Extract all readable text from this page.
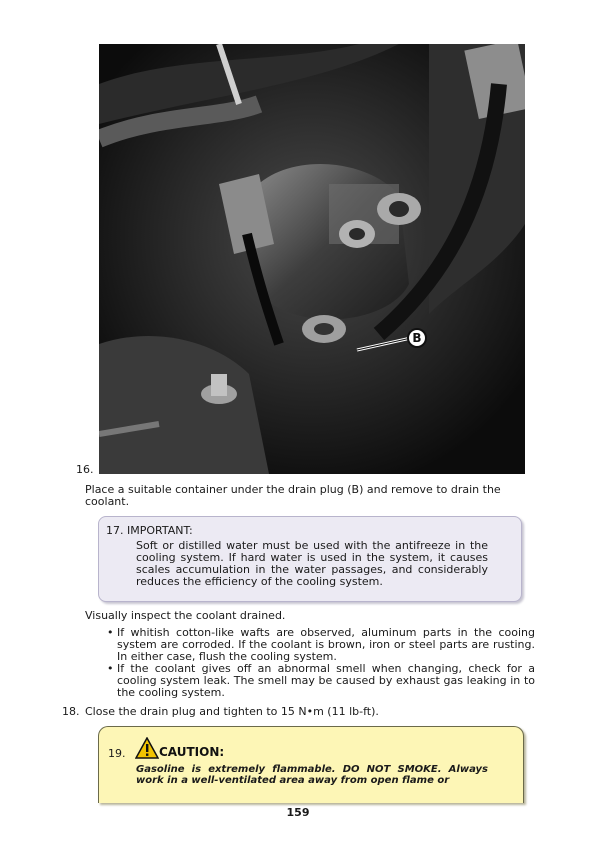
B
16.
Place a suitable container under the drain plug (B) and remove to drain the coolant.
17. IMPORTANT:
Soft or distilled water must be used with the antifreeze in the cooling system. If hard water is used in the system, it causes scales accumulation in the water passages, and considerably reduces the efficiency of the cooling system.
Visually inspect the coolant drained.
• If whitish cotton-like wafts are observed, aluminum parts in the cooing system are corroded. If the coolant is brown, iron or steel parts are rusting. In either case, flush the cooling system.
• If the coolant gives off an abnormal smell when changing, check for a cooling system leak. The smell may be caused by exhaust gas leaking in to the cooling system.
18. Close the drain plug and tighten to 15 N•m (11 lb-ft).
19.	CAUTION:
Gasoline is extremely flammable. DO NOT SMOKE. Always work in a well-ventilated area away from open flame or
159
